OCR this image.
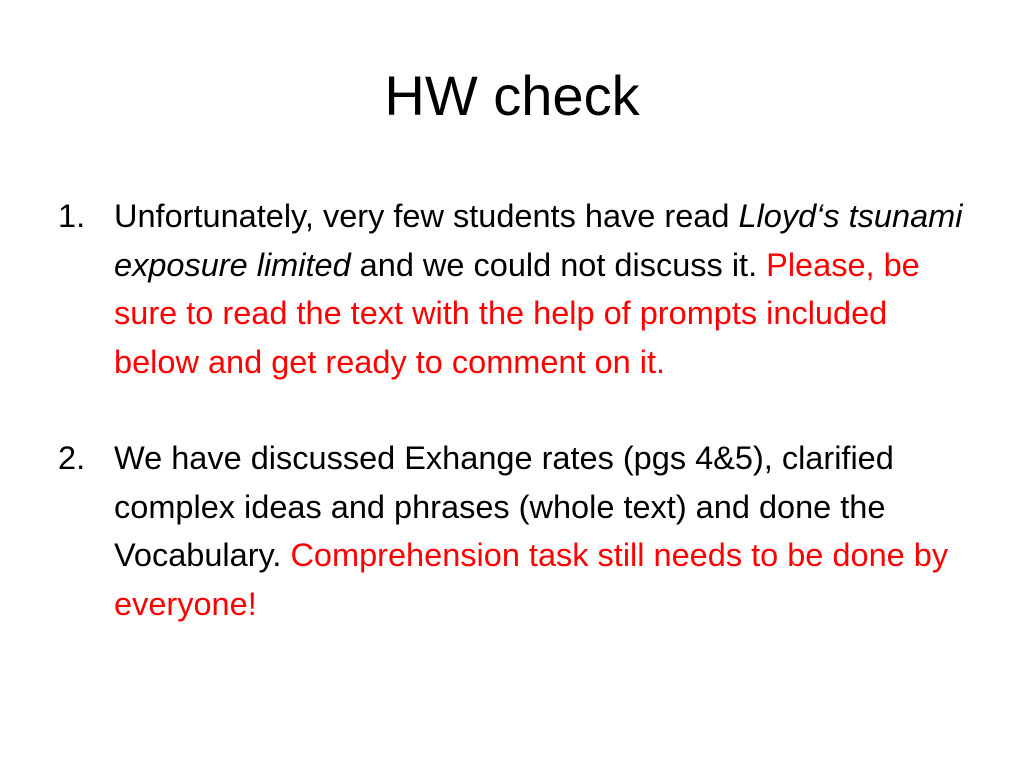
HW check
1. Unfortunately, very few students have read Lloyd‘s tsunami exposure limited and we could not discuss it. Please, be sure to read the text with the help of prompts included below and get ready to comment on it.
2. We have discussed Exhange rates (pgs 4&5), clarified complex ideas and phrases (whole text) and done the Vocabulary. Comprehension task still needs to be done by everyone!
